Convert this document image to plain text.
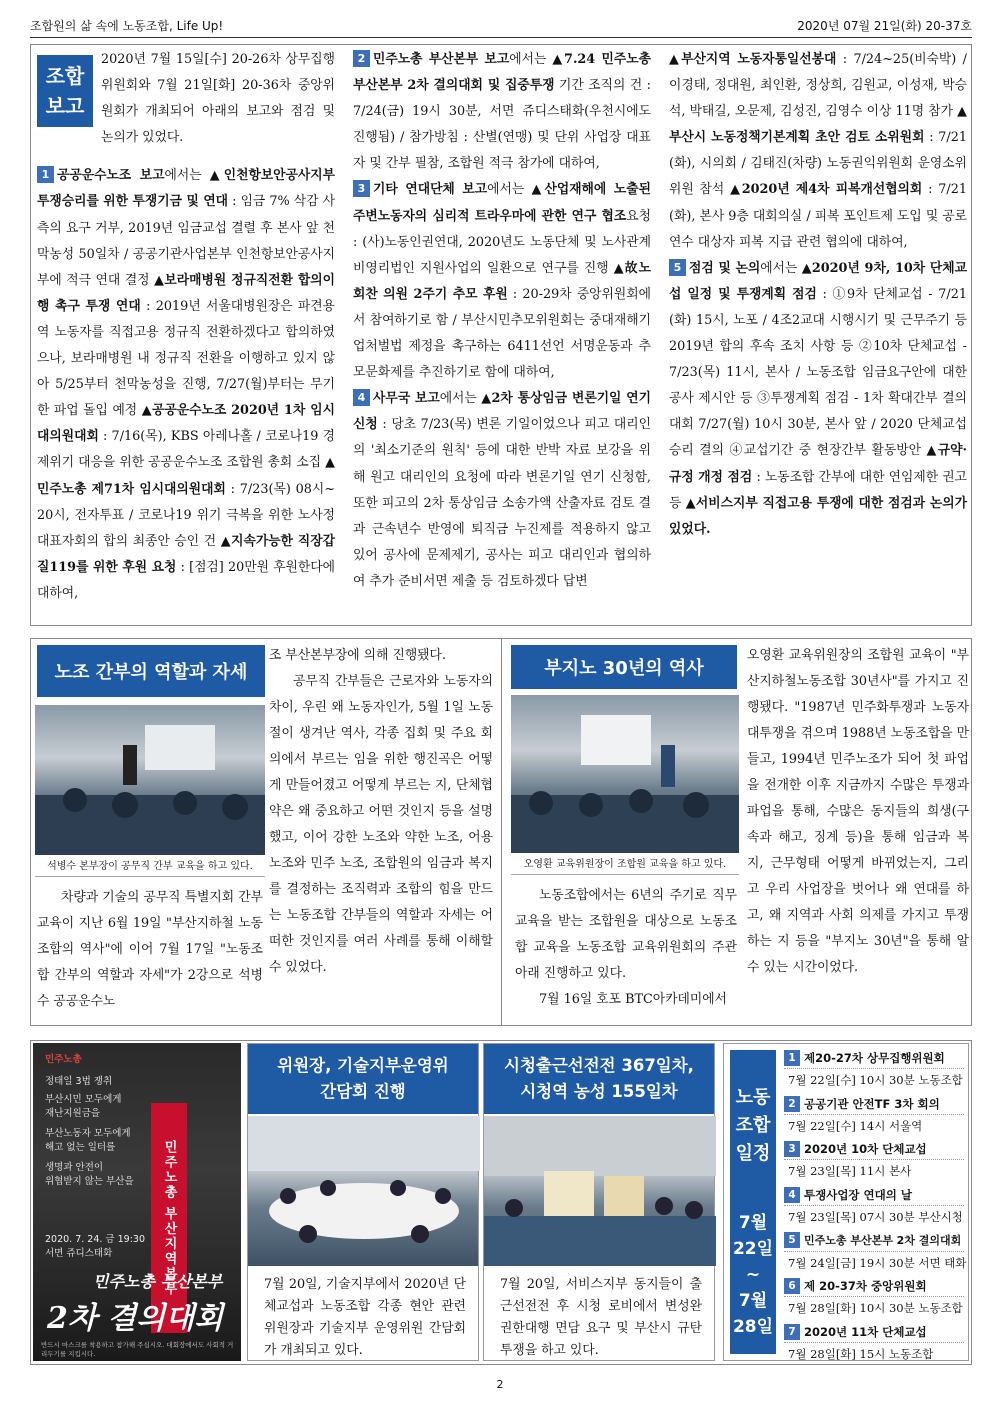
조합원의 삶 속에 노동조합, Life Up!	2020년 07월 21일(화) 20-37호
조합
보고

2020년 7월 15일[수] 20-26차 상무집행위원회와 7월 21일[화] 20-36차 중앙위원회가 개최되어 아래의 보고와 점검 및 논의가 있었다.

1 공공운수노조 보고에서는 ▲인천항보안공사지부 투쟁승리를 위한 투쟁기금 및 연대 : 임금 7% 삭감 사측의 요구 거부, 2019년 임금교섭 결렬 후 본사 앞 천막농성 50일차 / 공공기관사업본부 인천항보안공사지부에 적극 연대 결정 ▲보라매병원 정규직전환 합의이행 촉구 투쟁 연대 : 2019년 서울대병원장은 파견용역 노동자를 직접고용 정규직 전환하겠다고 합의하였으나, 보라매병원 내 정규직 전환을 이행하고 있지 않아 5/25부터 천막농성을 진행, 7/27(월)부터는 무기한 파업 돌입 예정 ▲공공운수노조 2020년 1차 임시대의원대회 : 7/16(목), KBS 아레나홀 / 코로나19 경제위기 대응을 위한 공공운수노조 조합원 총회 소집 ▲민주노총 제71차 임시대의원대회 : 7/23(목) 08시~20시, 전자투표 / 코로나19 위기 극복을 위한 노사정대표자회의 합의 최종안 승인 건 ▲지속가능한 직장갑질119를 위한 후원 요청 : [점검] 20만원 후원한다에 대하여,

2 민주노총 부산본부 보고에서는 ▲7.24 민주노총부산본부 2차 결의대회 및 집중투쟁 기간 조직의 건 : 7/24(금) 19시 30분, 서면 쥬디스태화(우천시에도 진행됨) / 참가방침 : 산별(연맹) 및 단위 사업장 대표자 및 간부 필참, 조합원 적극 참가에 대하여,

3 기타 연대단체 보고에서는 ▲산업재해에 노출된 주변노동자의 심리적 트라우마에 관한 연구 협조요청 : (사)노동인권연대, 2020년도 노동단체 및 노사관계 비영리법인 지원사업의 일환으로 연구를 진행 ▲故노회찬 의원 2주기 추모 후원 : 20-29차 중앙위원회에서 참여하기로 함 / 부산시민추모위원회는 중대재해기업처벌법 제정을 촉구하는 6411선언 서명운동과 추모문화제를 추진하기로 함에 대하여,

4 사무국 보고에서는 ▲2차 통상임금 변론기일 연기 신청 : 당초 7/23(목) 변론 기일이었으나 피고 대리인의 '최소기준의 원칙' 등에 대한 반박 자료 보강을 위해 원고 대리인의 요청에 따라 변론기일 연기 신청함, 또한 피고의 2차 통상임금 소송가액 산출자료 검토 결과 근속년수 반영에 퇴직금 누진제를 적용하지 않고 있어 공사에 문제제기, 공사는 피고 대리인과 협의하여 추가 준비서면 제출 등 검토하겠다 답변

▲부산지역 노동자통일선봉대 : 7/24~25(비숙박) / 이경태, 정대원, 최인환, 정상희, 김원교, 이성재, 박승석, 박태길, 오문제, 김성진, 김영수 이상 11명 참가 ▲부산시 노동정책기본계획 초안 검토 소위원회 : 7/21(화), 시의회 / 김태진(차량) 노동권익위원회 운영소위 위원 참석 ▲2020년 제4차 피복개선협의회 : 7/21(화), 본사 9층 대회의실 / 피복 포인트제 도입 및 공로연수 대상자 피복 지급 관련 협의에 대하여,

5 점검 및 논의에서는 ▲2020년 9차, 10차 단체교섭 일정 및 투쟁계획 점검 : ①9차 단체교섭 - 7/21(화) 15시, 노포 / 4조2교대 시행시기 및 근무주기 등 2019년 합의 후속 조치 사항 등 ②10차 단체교섭 - 7/23(목) 11시, 본사 / 노동조합 임금요구안에 대한 공사 제시안 등 ③투쟁계획 점검 - 1차 확대간부 결의대회 7/27(월) 10시 30분, 본사 앞 / 2020 단체교섭 승리 결의 ④교섭기간 중 현장간부 활동방안 ▲규약·규정 개정 점검 : 노동조합 간부에 대한 연임제한 권고 등 ▲서비스지부 직접고용 투쟁에 대한 점검과 논의가 있었다.

노조 간부의 역할과 자세
석병수 본부장이 공무직 간부 교육을 하고 있다.
차량과 기술의 공무직 특별지회 간부 교육이 지난 6월 19일 "부산지하철 노동조합의 역사"에 이어 7월 17일 "노동조합 간부의 역할과 자세"가 2강으로 석병수 공공운수노

조 부산본부장에 의해 진행됐다.

공무직 간부들은 근로자와 노동자의 차이, 우린 왜 노동자인가, 5월 1일 노동절이 생겨난 역사, 각종 집회 및 주요 회의에서 부르는 임을 위한 행진곡은 어떻게 만들어졌고 어떻게 부르는 지, 단체협약은 왜 중요하고 어떤 것인지 등을 설명했고, 이어 강한 노조와 약한 노조, 어용 노조와 민주 노조, 조합원의 임금과 복지를 결정하는 조직력과 조합의 힘을 만드는 노동조합 간부들의 역할과 자세는 어떠한 것인지를 여러 사례를 통해 이해할 수 있었다.

부지노 30년의 역사
오영환 교육위원장이 조합원 교육을 하고 있다.

노동조합에서는 6년의 주기로 직무교육을 받는 조합원을 대상으로 노동조합 교육을 노동조합 교육위원회의 주관 아래 진행하고 있다.

7월 16일 호포 BTC아카데미에서

오영환 교육위원장의 조합원 교육이 "부산지하철노동조합 30년사"를 가지고 진행됐다. "1987년 민주화투쟁과 노동자대투쟁을 겪으며 1988년 노동조합을 만들고, 1994년 민주노조가 되어 첫 파업을 전개한 이후 지금까지 수많은 투쟁과 파업을 통해, 수많은 동지들의 희생(구속과 해고, 징계 등)을 통해 임금과 복지, 근무형태 어떻게 바뀌었는지, 그리고 우리 사업장을 벗어나 왜 연대를 하고, 왜 지역과 사회 의제를 가지고 투쟁하는 지 등을 "부지노 30년"을 통해 알 수 있는 시간이었다.
민주노총
정태일 3법 쟁취
부산시민 모두에게
재난지원금을
부산노동자 모두에게
해고 없는 일터를
생명과 안전이
위협받지 않는 부산을	민주노총 부산지역본부
2020. 7. 24. 금 19:30
서면 쥬디스태화
민주노총 부산본부
2차 결의대회
반드시 마스크를 착용하고 참가해 주십시오. 대회장에서도 사회적 거리두기를 지킵시다.
위원장, 기술지부운영위
간담회 진행
7월 20일, 기술지부에서 2020년 단체교섭과 노동조합 각종 현안 관련 위원장과 기술지부 운영위원 간담회가 개최되고 있다.
시청출근선전전 367일차,
시청역 농성 155일차
7월 20일, 서비스지부 동지들이 출근선전전 후 시청 로비에서 변성완 권한대행 면담 요구 및 부산시 규탄 투쟁을 하고 있다.
노동
조합
일정
7월
22일
~
7월
28일
1 제20-27차 상무집행위원회
7월 22일[수] 10시 30분 노동조합
2 공공기관 안전TF 3차 회의
7월 22일[수] 14시 서울역
3 2020년 10차 단체교섭
7월 23일[목] 11시 본사
4 투쟁사업장 연대의 날
7월 23일[목] 07시 30분 부산시청
5 민주노총 부산본부 2차 결의대회
7월 24일[금] 19시 30분 서면 태화
6 제 20-37차 중앙위원회
7월 28일[화] 10시 30분 노동조합
7 2020년 11차 단체교섭
7월 28일[화] 15시 노동조합
2
